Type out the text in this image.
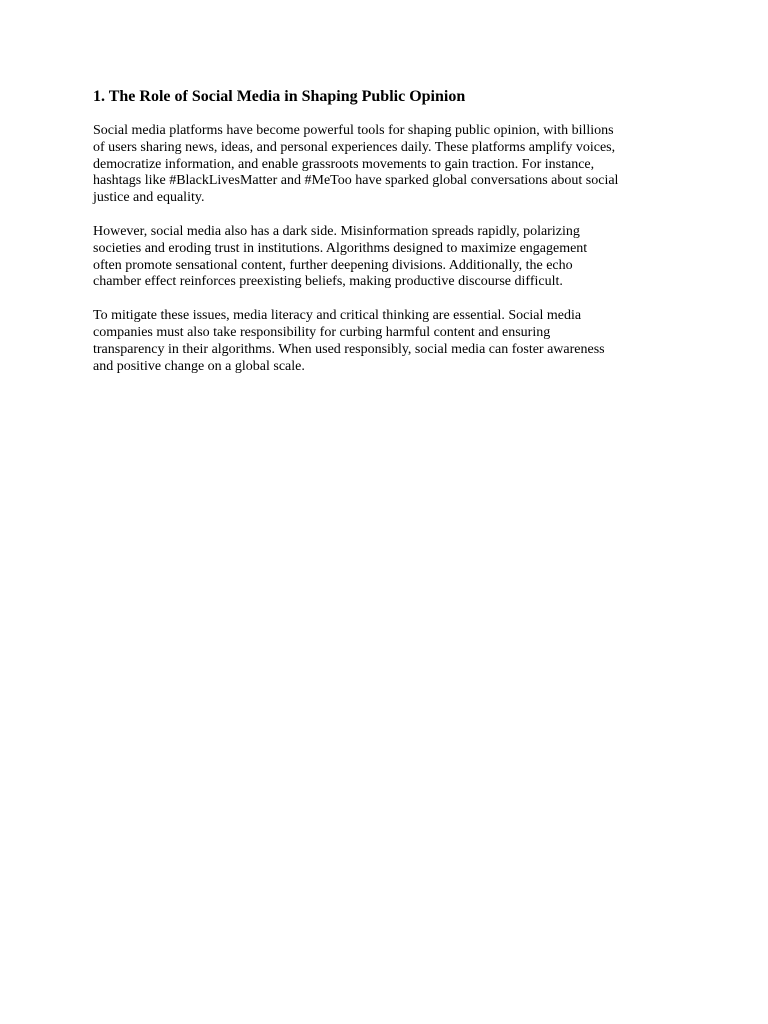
1. The Role of Social Media in Shaping Public Opinion
Social media platforms have become powerful tools for shaping public opinion, with billions
of users sharing news, ideas, and personal experiences daily. These platforms amplify voices,
democratize information, and enable grassroots movements to gain traction. For instance,
hashtags like #BlackLivesMatter and #MeToo have sparked global conversations about social
justice and equality.
However, social media also has a dark side. Misinformation spreads rapidly, polarizing
societies and eroding trust in institutions. Algorithms designed to maximize engagement
often promote sensational content, further deepening divisions. Additionally, the echo
chamber effect reinforces preexisting beliefs, making productive discourse difficult.
To mitigate these issues, media literacy and critical thinking are essential. Social media
companies must also take responsibility for curbing harmful content and ensuring
transparency in their algorithms. When used responsibly, social media can foster awareness
and positive change on a global scale.
